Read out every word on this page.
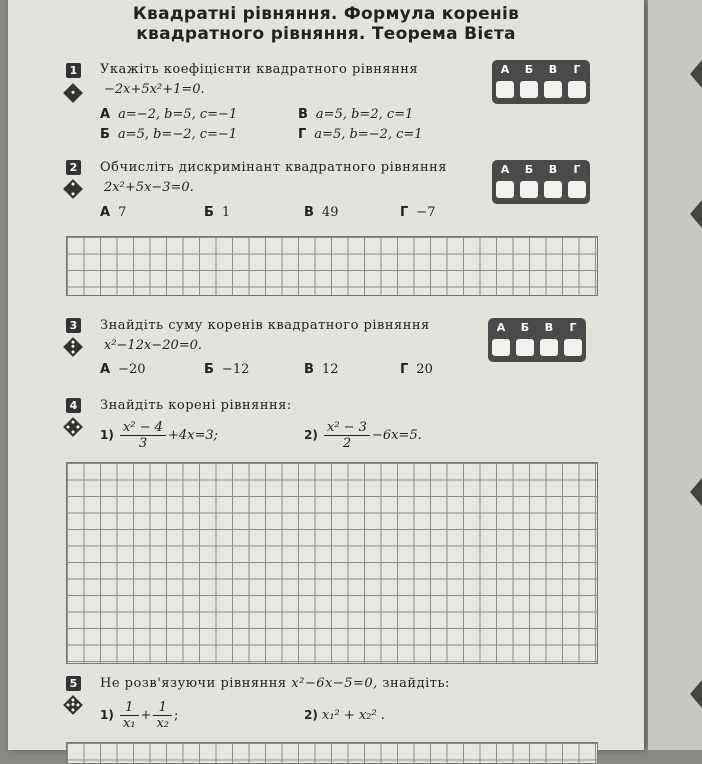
Квадратні рівняння. Формула коренів
квадратного рівняння. Теорема Вієта
1 Укажіть коефіцієнти квадратного рівняння
−2x+5x²+1=0.
А a=−2, b=5, c=−1
Б a=5, b=−2, c=−1
В a=5, b=2, c=1
Г a=5, b=−2, c=1
А	Б	В	Г
2 Обчисліть дискримінант квадратного рівняння
2x²+5x−3=0.
А 7	Б 1	В 49	Г −7
А	Б	В	Г
3 Знайдіть суму коренів квадратного рівняння
x²−12x−20=0.
А −20	Б −12	В 12	Г 20
А	Б	В	Г
4 Знайдіть корені рівняння:
$1) \frac{\text{x² − 4}}{3} +4x=3$;	$2) \frac{\text{x² − 3}}{2} -6x=5$.
5 Не розв'язуючи рівняння x²−6x−5=0, знайдіть:
$1) \frac{1}{\text{x₁}} + \frac{1}{\text{x₂}}$ ;	2) x₁² + x₂² .
